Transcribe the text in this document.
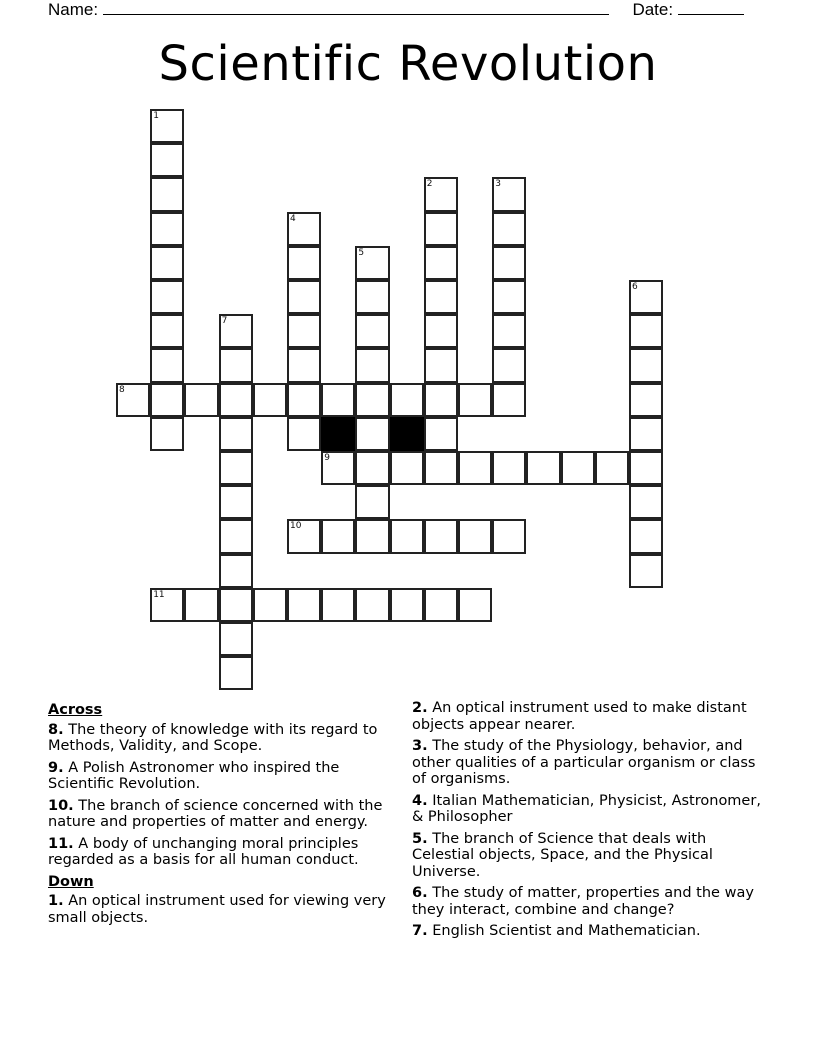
Name:	Date:
Scientific Revolution
1
2	3
4
5
6
7
8
9
10
11
Across
8. The theory of knowledge with its regard to Methods, Validity, and Scope.
9. A Polish Astronomer who inspired the Scientific Revolution.
10. The branch of science concerned with the nature and properties of matter and energy.
11. A body of unchanging moral principles regarded as a basis for all human conduct.
Down
1. An optical instrument used for viewing very small objects.
2. An optical instrument used to make distant objects appear nearer.
3. The study of the Physiology, behavior, and other qualities of a particular organism or class of organisms.
4. Italian Mathematician, Physicist, Astronomer, & Philosopher
5. The branch of Science that deals with Celestial objects, Space, and the Physical Universe.
6. The study of matter, properties and the way they interact, combine and change?
7. English Scientist and Mathematician.
